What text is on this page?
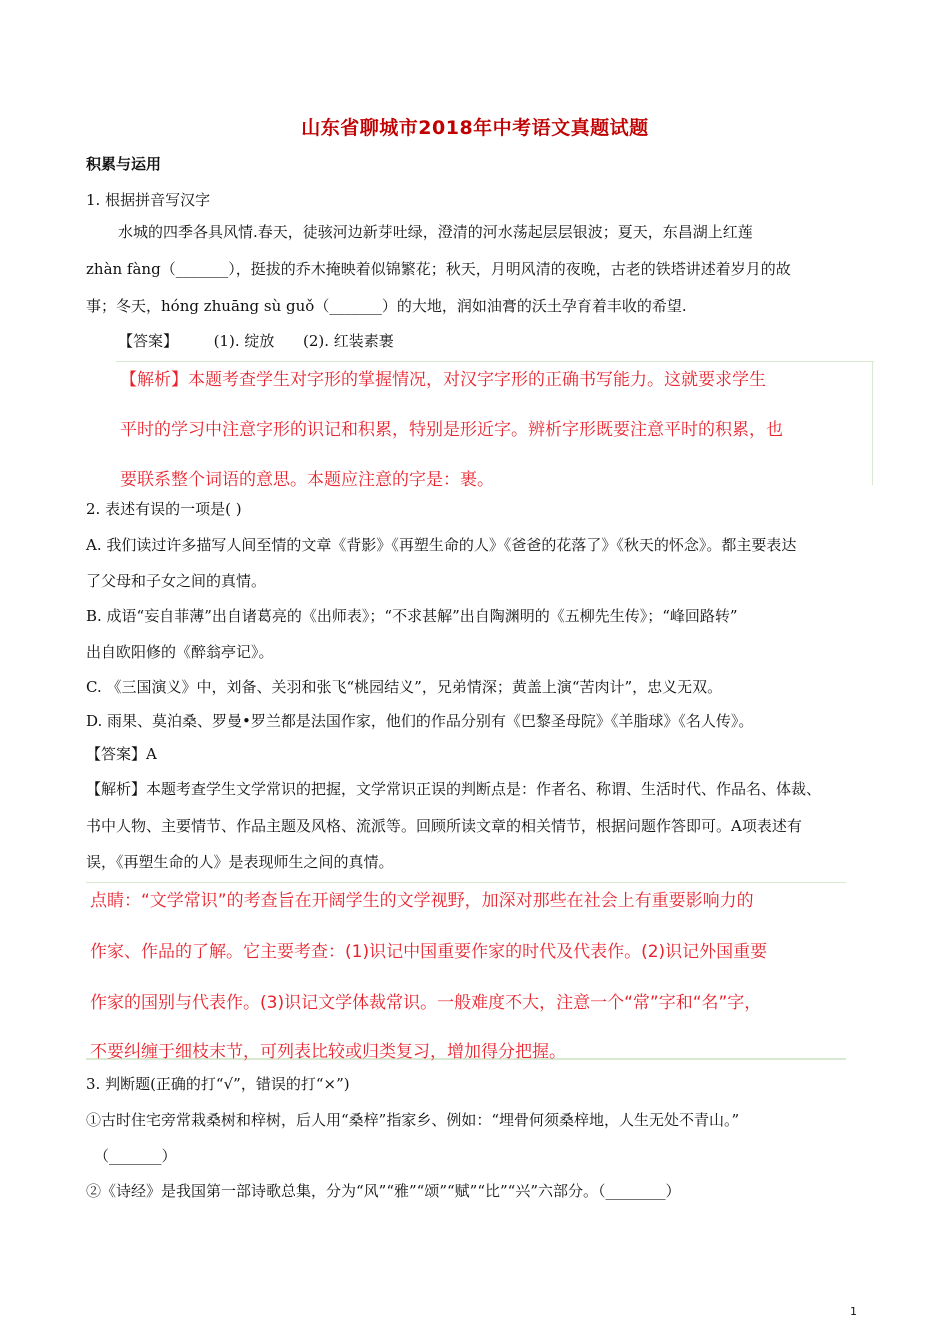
山东省聊城市2018年中考语文真题试题
积累与运用
1. 根据拼音写汉字
水城的四季各具风情.春天，徒骇河边新芽吐绿，澄清的河水荡起层层银波；夏天，东昌湖上红莲
zhàn fàng（_______），挺拔的乔木掩映着似锦繁花；秋天，月明风清的夜晚，古老的铁塔讲述着岁月的故
事；冬天，hóng zhuāng sù guǒ（_______）的大地，润如油膏的沃土孕育着丰收的希望.
【答案】 (1). 绽放      (2). 红装素裹
【解析】本题考查学生对字形的掌握情况，对汉字字形的正确书写能力。这就要求学生
平时的学习中注意字形的识记和积累，特别是形近字。辨析字形既要注意平时的积累，也
要联系整个词语的意思。本题应注意的字是：裹。
2. 表述有误的一项是( )
A. 我们读过许多描写人间至情的文章《背影》《再塑生命的人》《爸爸的花落了》《秋天的怀念》。都主要表达
了父母和子女之间的真情。
B. 成语“妄自菲薄”出自诸葛亮的《出师表》；“不求甚解”出自陶渊明的《五柳先生传》；“峰回路转”
出自欧阳修的《醉翁亭记》。
C. 《三国演义》中，刘备、关羽和张飞“桃园结义”，兄弟情深；黄盖上演“苦肉计”，忠义无双。
D. 雨果、莫泊桑、罗曼•罗兰都是法国作家，他们的作品分别有《巴黎圣母院》《羊脂球》《名人传》。
【答案】A
【解析】本题考查学生文学常识的把握，文学常识正误的判断点是：作者名、称谓、生活时代、作品名、体裁、
书中人物、主要情节、作品主题及风格、流派等。回顾所读文章的相关情节，根据问题作答即可。A项表述有
误，《再塑生命的人》是表现师生之间的真情。
点睛：“文学常识”的考查旨在开阔学生的文学视野，加深对那些在社会上有重要影响力的
作家、作品的了解。它主要考查：(1)识记中国重要作家的时代及代表作。(2)识记外国重要
作家的国别与代表作。(3)识记文学体裁常识。一般难度不大，注意一个“常”字和“名”字，
不要纠缠于细枝末节，可列表比较或归类复习，增加得分把握。
3. 判断题(正确的打“√”，错误的打“×”)
①古时住宅旁常栽桑树和梓树，后人用“桑梓”指家乡、例如：“埋骨何须桑梓地，人生无处不青山。”
（_______）
②《诗经》是我国第一部诗歌总集，分为“风”“雅”“颂”“赋”“比”“兴”六部分。（________）
1
